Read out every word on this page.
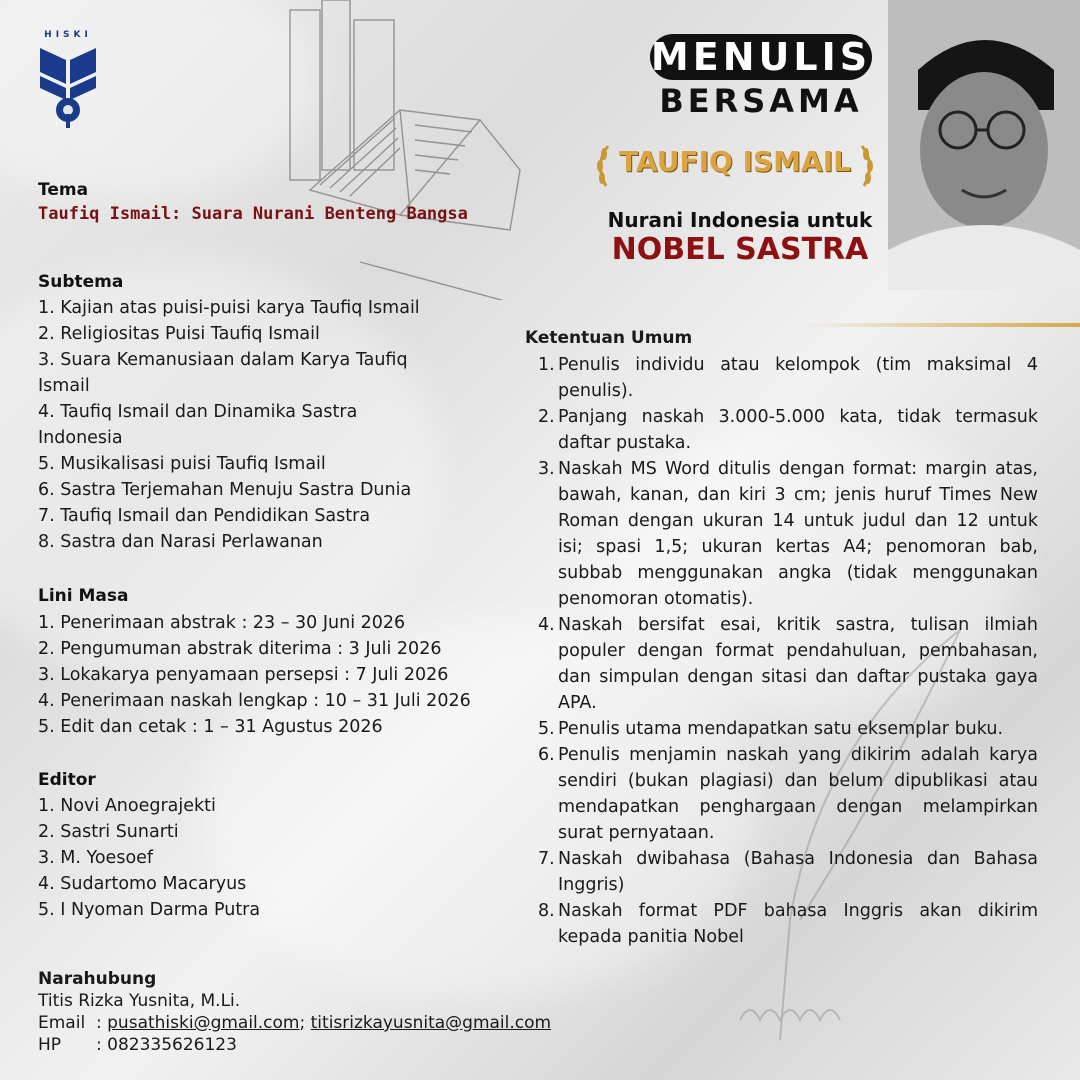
HISKI	MENULIS
BERSAMA
TAUFIQ ISMAIL
Nurani Indonesia untuk
NOBEL SASTRA
Tema
Taufiq Ismail: Suara Nurani Benteng Bangsa
Subtema
1. Kajian atas puisi-puisi karya Taufiq Ismail
2. Religiositas Puisi Taufiq Ismail
3. Suara Kemanusiaan dalam Karya Taufiq
Ismail
4. Taufiq Ismail dan Dinamika Sastra
Indonesia
5. Musikalisasi puisi Taufiq Ismail
6. Sastra Terjemahan Menuju Sastra Dunia
7. Taufiq Ismail dan Pendidikan Sastra
8. Sastra dan Narasi Perlawanan
Lini Masa
1. Penerimaan abstrak : 23 – 30 Juni 2026
2. Pengumuman abstrak diterima : 3 Juli 2026
3. Lokakarya penyamaan persepsi : 7 Juli 2026
4. Penerimaan naskah lengkap : 10 – 31 Juli 2026
5. Edit dan cetak : 1 – 31 Agustus 2026
Editor
1. Novi Anoegrajekti
2. Sastri Sunarti
3. M. Yoesoef
4. Sudartomo Macaryus
5. I Nyoman Darma Putra
Ketentuan Umum
1. Penulis individu atau kelompok (tim maksimal 4 penulis).
2. Panjang naskah 3.000-5.000 kata, tidak termasuk daftar pustaka.
3. Naskah MS Word ditulis dengan format: margin atas, bawah, kanan, dan kiri 3 cm; jenis huruf Times New Roman dengan ukuran 14 untuk judul dan 12 untuk isi; spasi 1,5; ukuran kertas A4; penomoran bab, subbab menggunakan angka (tidak menggunakan penomoran otomatis).
4. Naskah bersifat esai, kritik sastra, tulisan ilmiah populer dengan format pendahuluan, pembahasan, dan simpulan dengan sitasi dan daftar pustaka gaya APA.
5. Penulis utama mendapatkan satu eksemplar buku.
6. Penulis menjamin naskah yang dikirim adalah karya sendiri (bukan plagiasi) dan belum dipublikasi atau mendapatkan penghargaan dengan melampirkan surat pernyataan.
7. Naskah dwibahasa (Bahasa Indonesia dan Bahasa Inggris)
8. Naskah format PDF bahasa Inggris akan dikirim kepada panitia Nobel
Narahubung
Titis Rizka Yusnita, M.Li.
Email : pusathiski@gmail.com; titisrizkayusnita@gmail.com
HP : 082335626123
